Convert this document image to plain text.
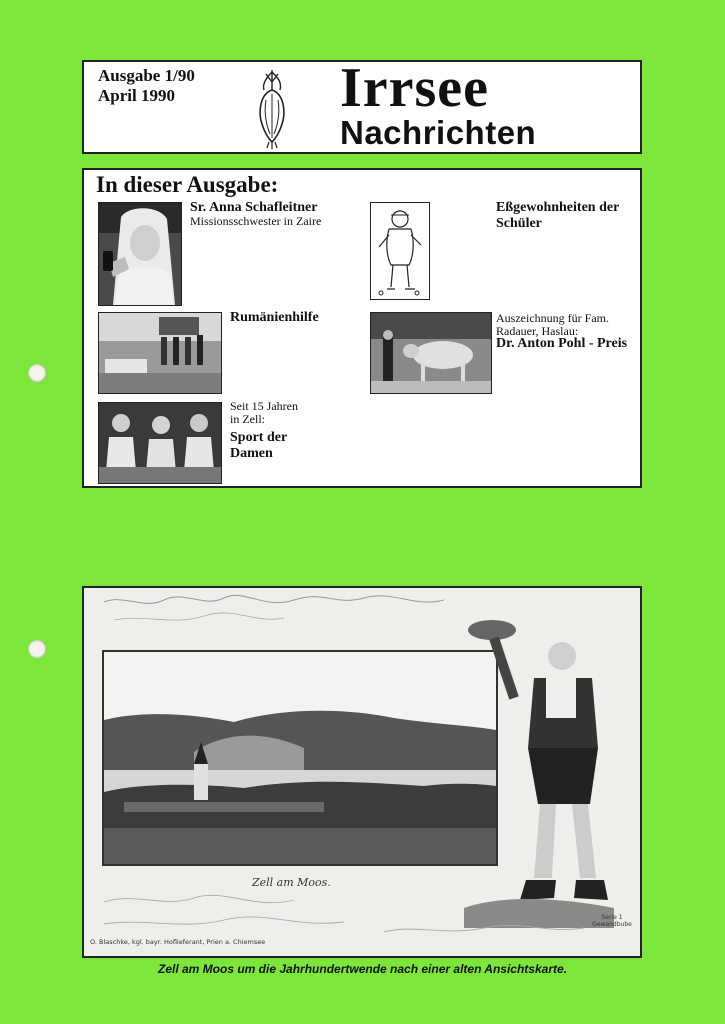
Ausgabe 1/90
April 1990	Irrsee
Nachrichten
In dieser Ausgabe:
Sr. Anna Schafleitner
Missionsschwester in Zaire
Eßgewohnheiten der Schüler
Rumänienhilfe	Auszeichnung für Fam. Radauer, Haslau:
Dr. Anton Pohl - Preis
Seit 15 Jahren in Zell:
Sport der Damen
Zell am Moos.
Serie 1 Gewandbube
O. Blaschke, kgl. bayr. Hoflieferant, Prien a. Chiemsee
Zell am Moos um die Jahrhundertwende nach einer alten Ansichtskarte.
